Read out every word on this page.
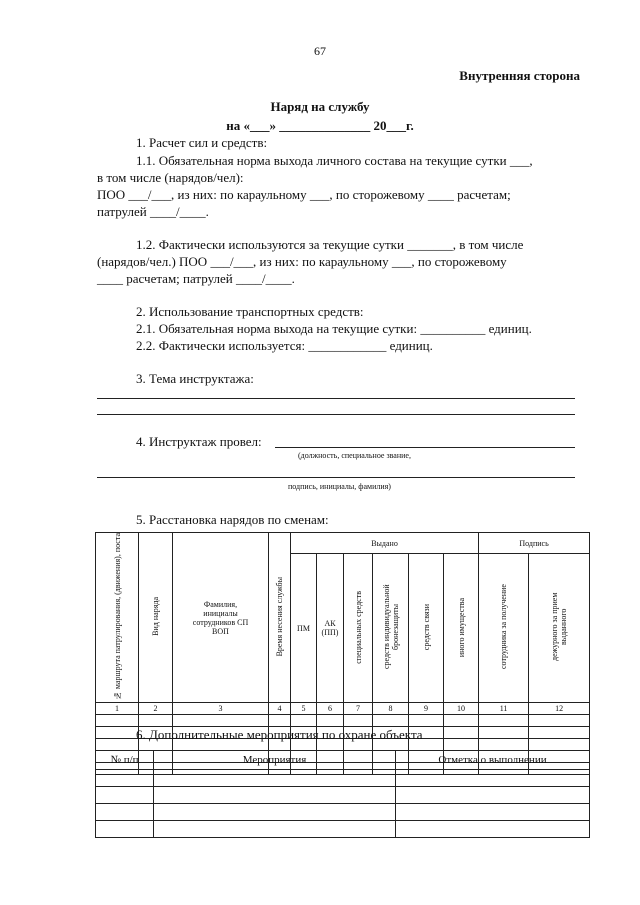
67
Внутренняя сторона
Наряд на службу
на «___» ______________ 20___г.
1. Расчет сил и средств:
1.1. Обязательная норма выхода личного состава на текущие сутки ___,
в том числе (нарядов/чел):
ПОО ___/___, из них: по караульному ___, по сторожевому ____ расчетам;
патрулей ____/____.
1.2. Фактически используются за текущие сутки _______, в том числе
(нарядов/чел.) ПОО ___/___, из них: по караульному ___, по сторожевому
____ расчетам; патрулей ____/____.
2. Использование транспортных средств:
2.1. Обязательная норма выхода на текущие сутки: __________ единиц.
2.2. Фактически используется: ____________ единиц.
3. Тема инструктажа:
4. Инструктаж провел:
(должность, специальное звание,
подпись, инициалы, фамилия)
5. Расстановка нарядов по сменам:
№ маршрута патрулирования, (движения), поста	Вид наряда	Фамилия, инициалы сотрудников СП ВОП	Время несения службы	Выдано						Подпись	
				ПМ	АК (ПП)	специальных средств	средств индивидуальной бронезащиты	средств связи	иного имущества	сотрудника за получение	дежурного за прием выданного
1	2	3	4	5	6	7	8	9	10	11	12

6. Дополнительные мероприятия по охране объекта
№ п/п	Мероприятия	Отметка о выполнении
